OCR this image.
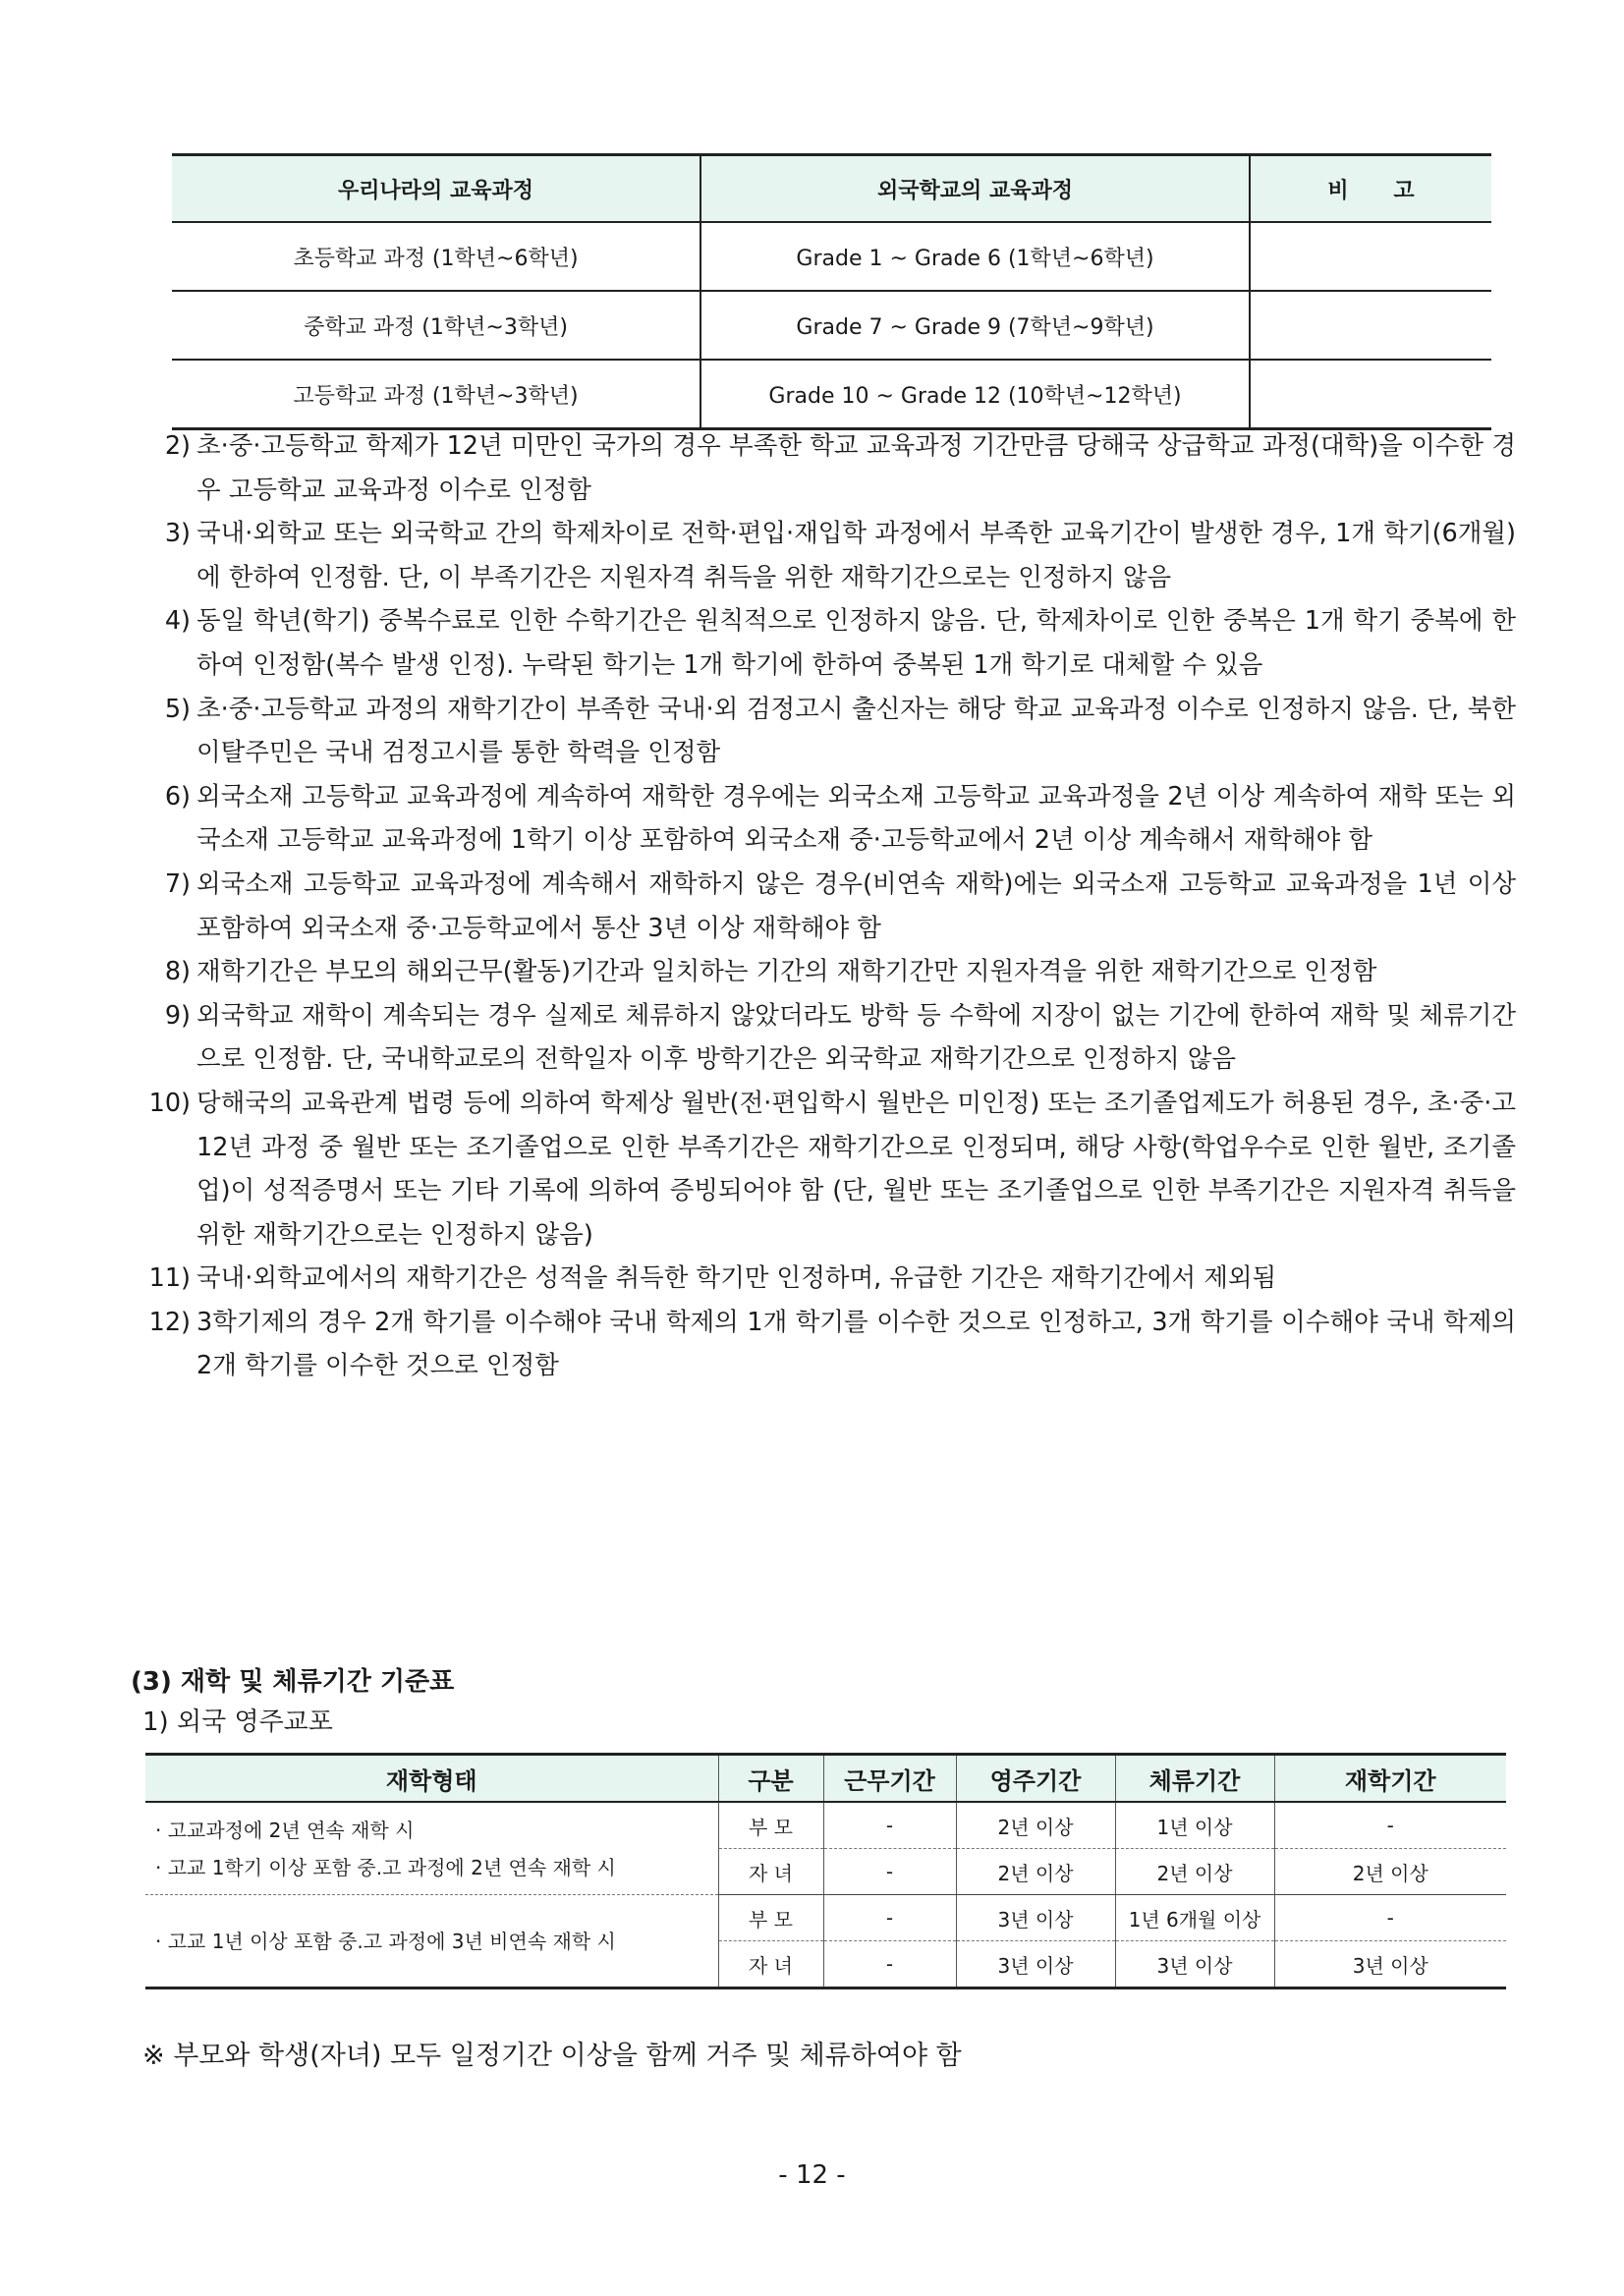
우리나라의 교육과정	외국학교의 교육과정	비 고
초등학교 과정 (1학년~6학년)	Grade 1 ~ Grade 6 (1학년~6학년)	
중학교 과정 (1학년~3학년)	Grade 7 ~ Grade 9 (7학년~9학년)	
고등학교 과정 (1학년~3학년)	Grade 10 ~ Grade 12 (10학년~12학년)	
2) 초·중·고등학교 학제가 12년 미만인 국가의 경우 부족한 학교 교육과정 기간만큼 당해국 상급학교 과정(대학)을 이수한 경우 고등학교 교육과정 이수로 인정함
3) 국내·외학교 또는 외국학교 간의 학제차이로 전학·편입·재입학 과정에서 부족한 교육기간이 발생한 경우, 1개 학기(6개월)에 한하여 인정함. 단, 이 부족기간은 지원자격 취득을 위한 재학기간으로는 인정하지 않음
4) 동일 학년(학기) 중복수료로 인한 수학기간은 원칙적으로 인정하지 않음. 단, 학제차이로 인한 중복은 1개 학기 중복에 한하여 인정함(복수 발생 인정). 누락된 학기는 1개 학기에 한하여 중복된 1개 학기로 대체할 수 있음
5) 초·중·고등학교 과정의 재학기간이 부족한 국내·외 검정고시 출신자는 해당 학교 교육과정 이수로 인정하지 않음. 단, 북한이탈주민은 국내 검정고시를 통한 학력을 인정함
6) 외국소재 고등학교 교육과정에 계속하여 재학한 경우에는 외국소재 고등학교 교육과정을 2년 이상 계속하여 재학 또는 외국소재 고등학교 교육과정에 1학기 이상 포함하여 외국소재 중·고등학교에서 2년 이상 계속해서 재학해야 함
7) 외국소재 고등학교 교육과정에 계속해서 재학하지 않은 경우(비연속 재학)에는 외국소재 고등학교 교육과정을 1년 이상 포함하여 외국소재 중·고등학교에서 통산 3년 이상 재학해야 함
8) 재학기간은 부모의 해외근무(활동)기간과 일치하는 기간의 재학기간만 지원자격을 위한 재학기간으로 인정함
9) 외국학교 재학이 계속되는 경우 실제로 체류하지 않았더라도 방학 등 수학에 지장이 없는 기간에 한하여 재학 및 체류기간으로 인정함. 단, 국내학교로의 전학일자 이후 방학기간은 외국학교 재학기간으로 인정하지 않음
10) 당해국의 교육관계 법령 등에 의하여 학제상 월반(전·편입학시 월반은 미인정) 또는 조기졸업제도가 허용된 경우, 초·중·고 12년 과정 중 월반 또는 조기졸업으로 인한 부족기간은 재학기간으로 인정되며, 해당 사항(학업우수로 인한 월반, 조기졸업)이 성적증명서 또는 기타 기록에 의하여 증빙되어야 함 (단, 월반 또는 조기졸업으로 인한 부족기간은 지원자격 취득을 위한 재학기간으로는 인정하지 않음)
11) 국내·외학교에서의 재학기간은 성적을 취득한 학기만 인정하며, 유급한 기간은 재학기간에서 제외됨
12) 3학기제의 경우 2개 학기를 이수해야 국내 학제의 1개 학기를 이수한 것으로 인정하고, 3개 학기를 이수해야 국내 학제의 2개 학기를 이수한 것으로 인정함
(3) 재학 및 체류기간 기준표
1) 외국 영주교포
재학형태	구분	근무기간	영주기간	체류기간	재학기간

· 고교과정에 2년 연속 재학 시
· 고교 1학기 이상 포함 중.고 과정에 2년 연속 재학 시	부 모	-	2년 이상	1년 이상	-
	자 녀	-	2년 이상	2년 이상	2년 이상

· 고교 1년 이상 포함 중.고 과정에 3년 비연속 재학 시	부 모	-	3년 이상	1년 6개월 이상	-
	자 녀	-	3년 이상	3년 이상	3년 이상
※ 부모와 학생(자녀) 모두 일정기간 이상을 함께 거주 및 체류하여야 함
- 12 -
